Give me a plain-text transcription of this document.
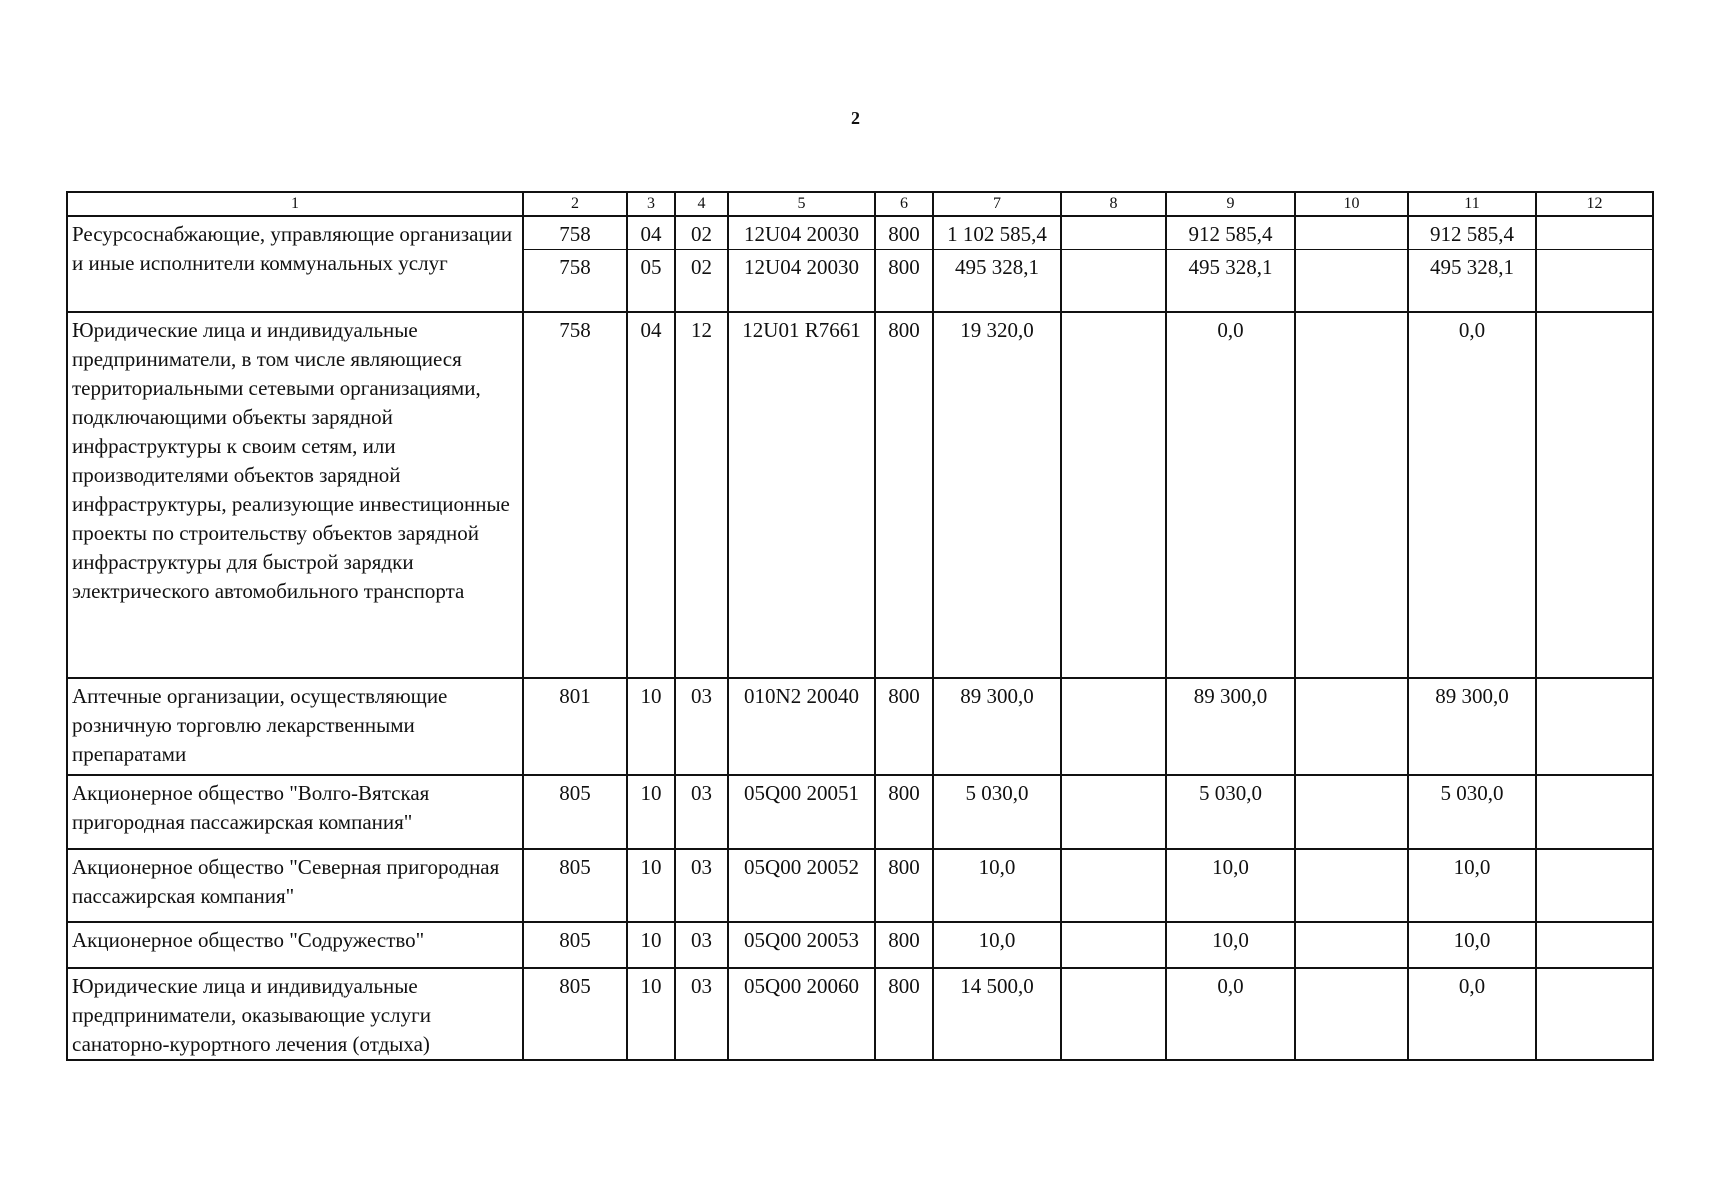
2
1	2	3	4	5	6	7	8	9	10	11	12
Ресурсоснабжающие, управляющие организации и иные исполнители коммунальных услуг	758	04	02	12U04 20030	800	1 102 585,4		912 585,4		912 585,4	
	758	05	02	12U04 20030	800	495 328,1		495 328,1		495 328,1	
Юридические лица и индивидуальные предприниматели, в том числе являющиеся территориальными сетевыми организациями, подключающими объекты зарядной инфраструктуры к своим сетям, или производителями объектов зарядной инфраструктуры, реализующие инвестиционные проекты по строительству объектов зарядной инфраструктуры для быстрой зарядки электрического автомобильного транспорта	758	04	12	12U01 R7661	800	19 320,0		0,0		0,0	
Аптечные организации, осуществляющие розничную торговлю лекарственными препаратами	801	10	03	010N2 20040	800	89 300,0		89 300,0		89 300,0	
Акционерное общество "Волго-Вятская пригородная пассажирская компания"	805	10	03	05Q00 20051	800	5 030,0		5 030,0		5 030,0	
Акционерное общество "Северная пригородная пассажирская компания"	805	10	03	05Q00 20052	800	10,0		10,0		10,0	
Акционерное общество "Содружество"	805	10	03	05Q00 20053	800	10,0		10,0		10,0	
Юридические лица и индивидуальные предприниматели, оказывающие услуги санаторно-курортного лечения (отдыха)	805	10	03	05Q00 20060	800	14 500,0		0,0		0,0	
